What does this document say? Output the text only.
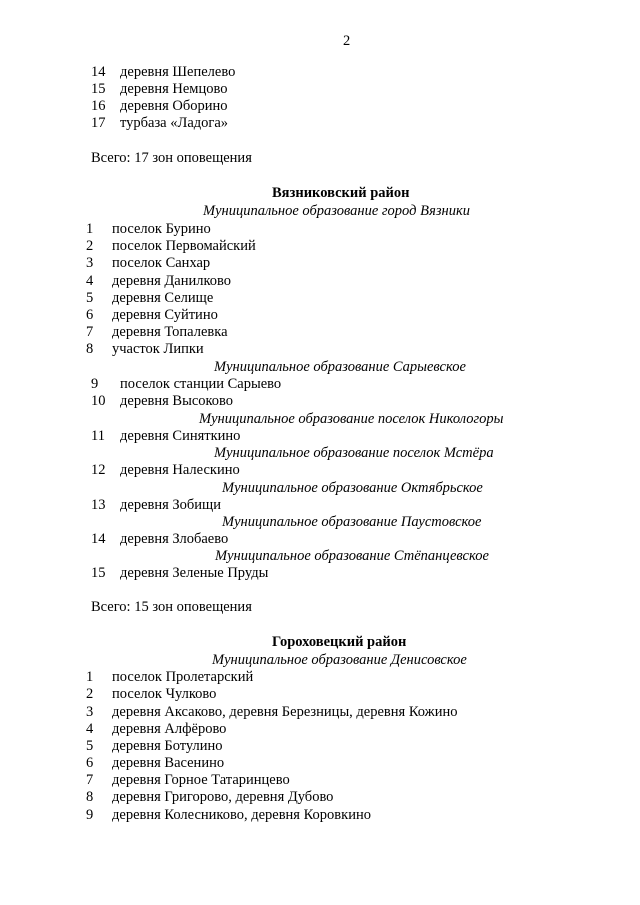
2
14 деревня Шепелево
15 деревня Немцово
16 деревня Оборино
17 турбаза «Ладога»
Всего: 17 зон оповещения
Вязниковский район
Муниципальное образование город Вязники
1 поселок Бурино
2 поселок Первомайский
3 поселок Санхар
4 деревня Данилково
5 деревня Селище
6 деревня Суйтино
7 деревня Топалевка
8 участок Липки
Муниципальное образование Сарыевское
9 поселок станции Сарыево
10 деревня Высоково
Муниципальное образование поселок Никологоры
11 деревня Синяткино
Муниципальное образование поселок Мстёра
12 деревня Налескино
Муниципальное образование Октябрьское
13 деревня Зобищи
Муниципальное образование Паустовское
14 деревня Злобаево
Муниципальное образование Стёпанцевское
15 деревня Зеленые Пруды
Всего: 15 зон оповещения
Гороховецкий район
Муниципальное образование Денисовское
1 поселок Пролетарский
2 поселок Чулково
3 деревня Аксаково, деревня Березницы, деревня Кожино
4 деревня Алфёрово
5 деревня Ботулино
6 деревня Васенино
7 деревня Горное Татаринцево
8 деревня Григорово, деревня Дубово
9 деревня Колесниково, деревня Коровкино
